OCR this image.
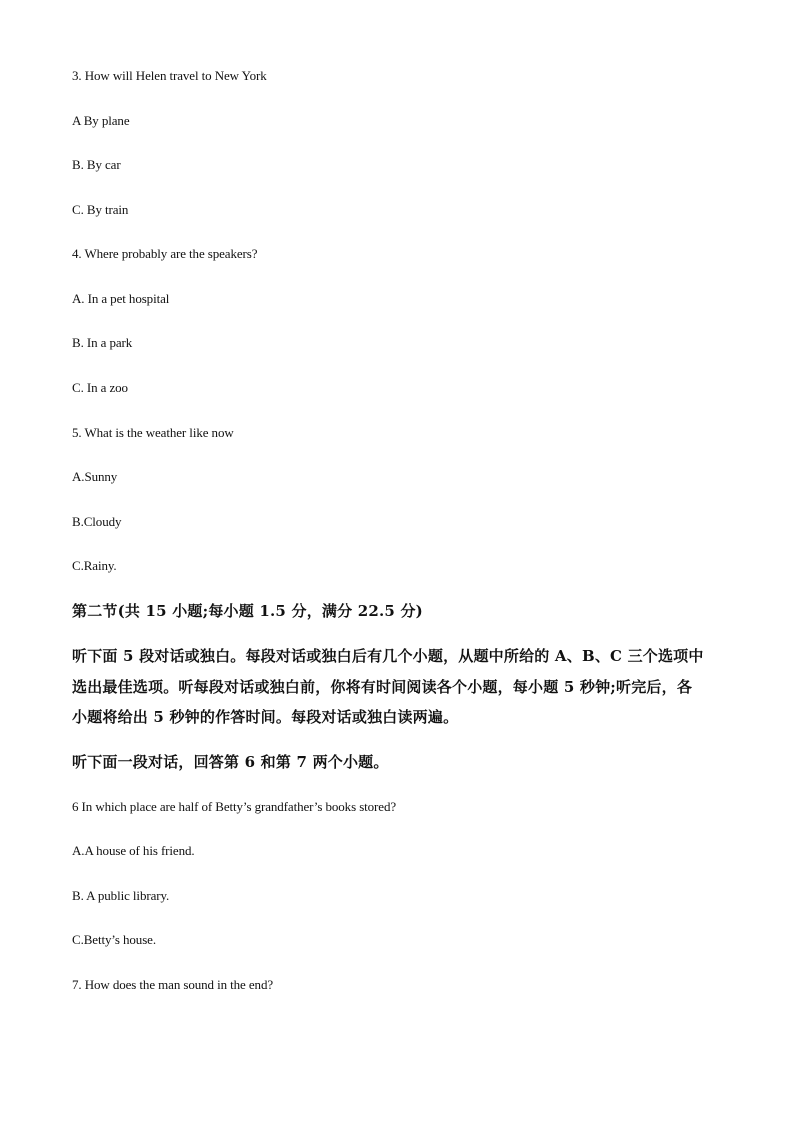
3. How will Helen travel to New York
A By plane
B. By car
C. By train
4. Where probably are the speakers?
A. In a pet hospital
B. In a park
C. In a zoo
5. What is the weather like now
A.Sunny
B.Cloudy
C.Rainy.
第二节(共 15 小题;每小题 1.5 分，满分 22.5 分)
听下面 5 段对话或独白。每段对话或独白后有几个小题，从题中所给的 A、B、C 三个选项中
选出最佳选项。听每段对话或独白前，你将有时间阅读各个小题，每小题 5 秒钟;听完后，各
小题将给出 5 秒钟的作答时间。每段对话或独白读两遍。
听下面一段对话，回答第 6 和第 7 两个小题。
6 In which place are half of Betty’s grandfather’s books stored?
A.A house of his friend.
B. A public library.
C.Betty’s house.
7. How does the man sound in the end?
